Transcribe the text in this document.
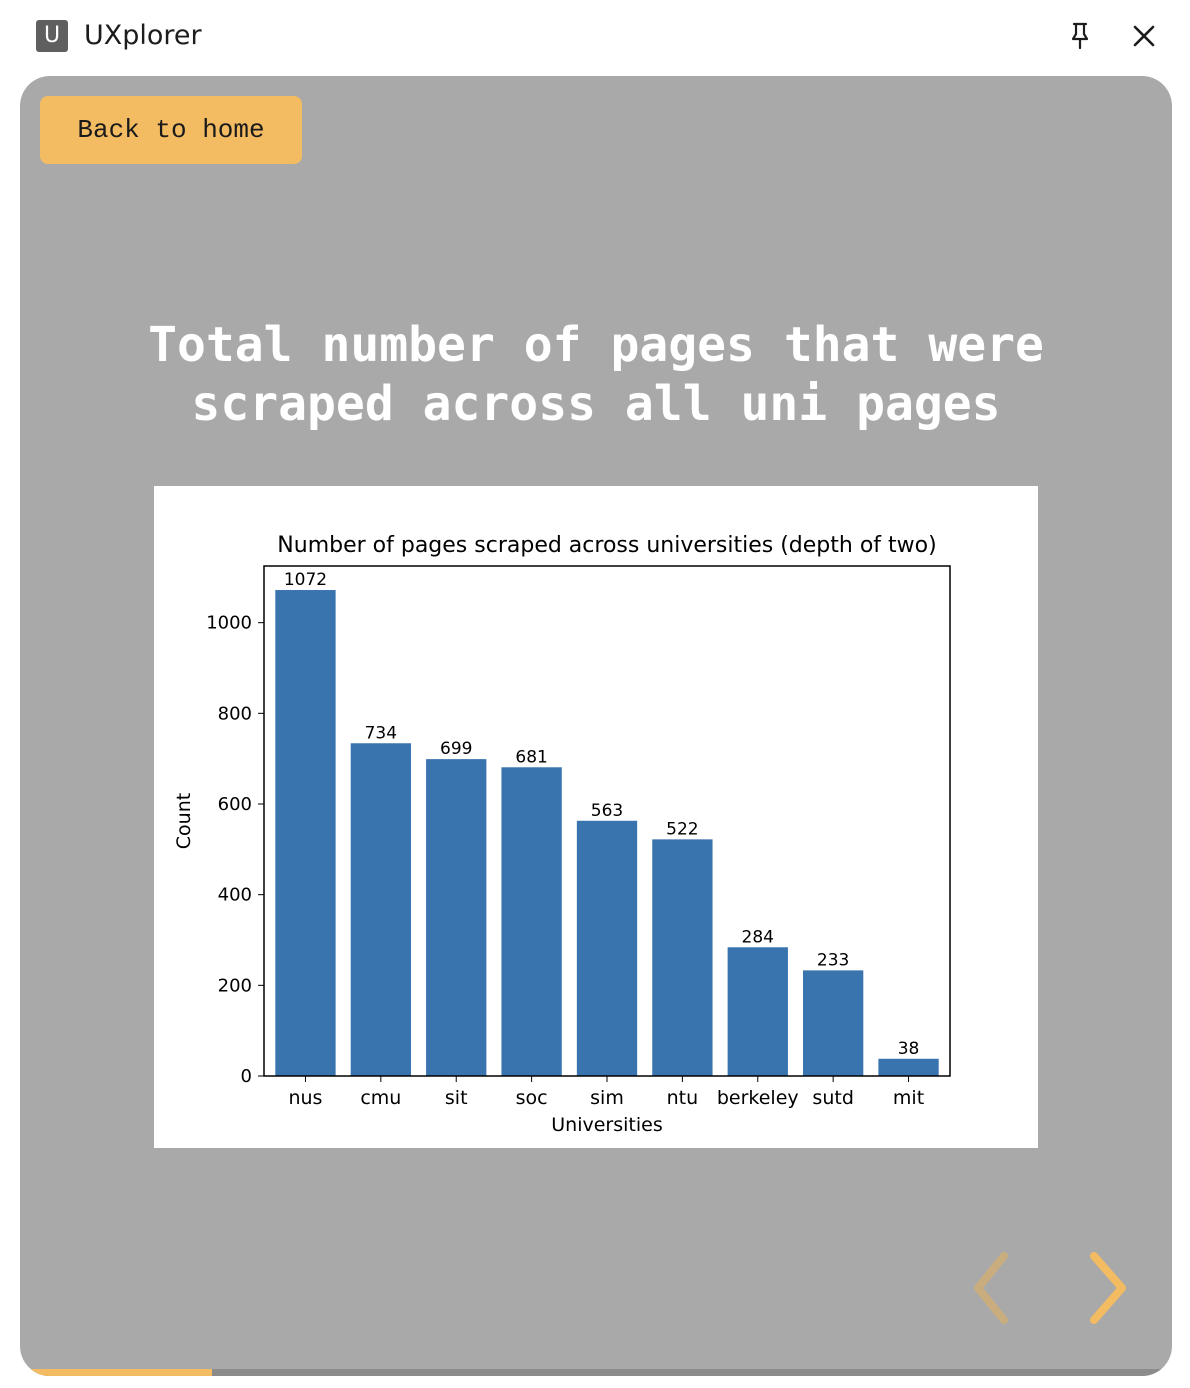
U UXplorer
Back to home
Total number of pages that were scraped across all uni pages
Number of pages scraped across universities (depth of two)
1072
nus
734
cmu
699
sit
681
soc
563
sim
522
ntu
284
berkeley
233
sutd
38
mit
0
200
400
600
800
1000
Universities
Count
